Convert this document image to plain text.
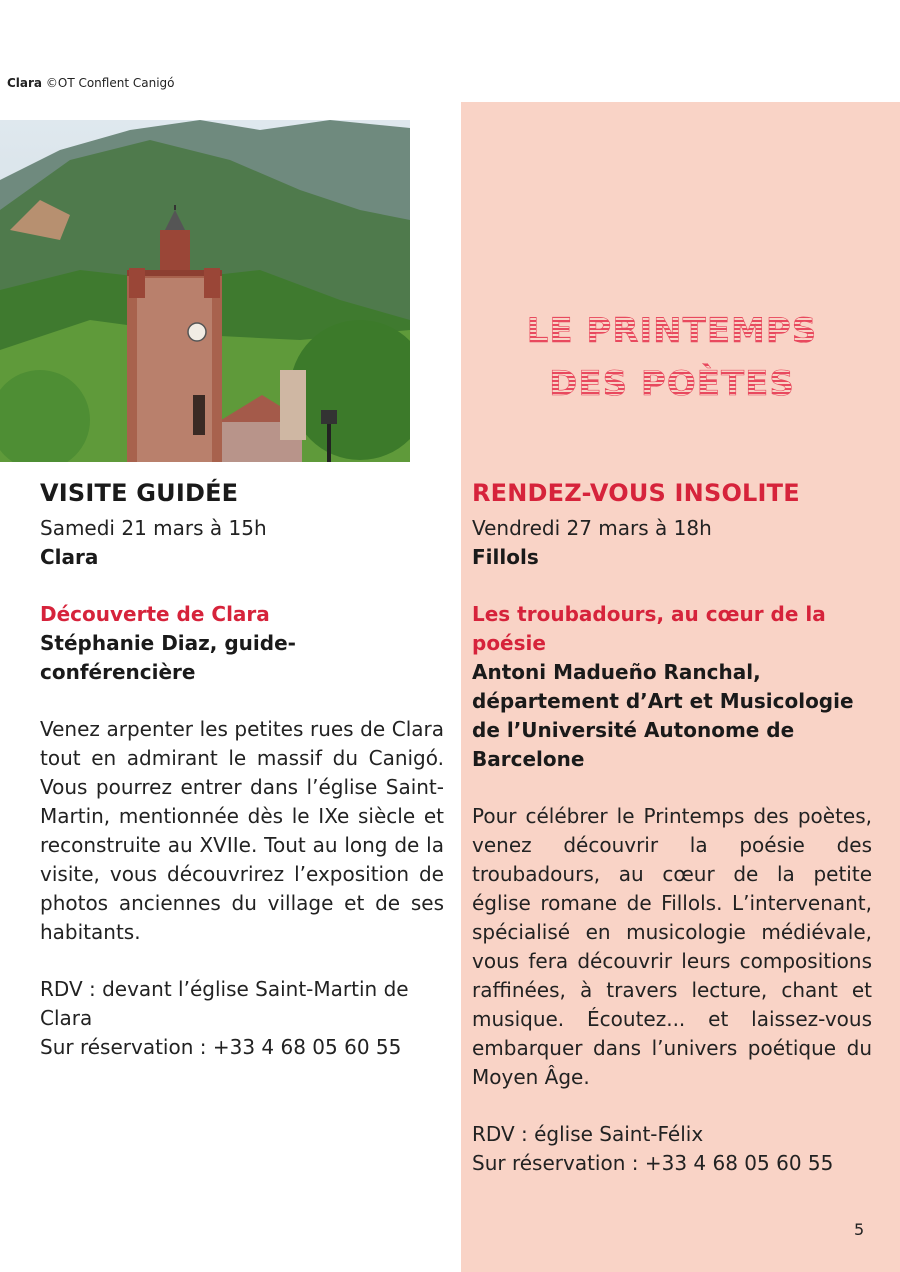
Clara ©OT Conflent Canigó
LE PRINTEMPS
DES POÈTES
VISITE GUIDÉE

Samedi 21 mars à 15h

Clara

Découverte de Clara

Stéphanie Diaz, guide-conférencière

Venez arpenter les petites rues de Clara tout en admirant le massif du Canigó. Vous pourrez entrer dans l’église Saint-Martin, mentionnée dès le IXe siècle et reconstruite au XVIIe. Tout au long de la visite, vous découvrirez l’exposition de photos anciennes du village et de ses habitants.

RDV : devant l’église Saint-Martin de Clara

Sur réservation : +33 4 68 05 60 55

RENDEZ-VOUS INSOLITE

Vendredi 27 mars à 18h

Fillols

Les troubadours, au cœur de la poésie

Antoni Madueño Ranchal, département d’Art et Musicologie de l’Université Autonome de Barcelone

Pour célébrer le Printemps des poètes, venez découvrir la poésie des troubadours, au cœur de la petite église romane de Fillols. L’intervenant, spécialisé en musicologie médiévale, vous fera découvrir leurs compositions raffinées, à travers lecture, chant et musique. Écoutez... et laissez-vous embarquer dans l’univers poétique du Moyen Âge.

RDV : église Saint-Félix

Sur réservation : +33 4 68 05 60 55

5
